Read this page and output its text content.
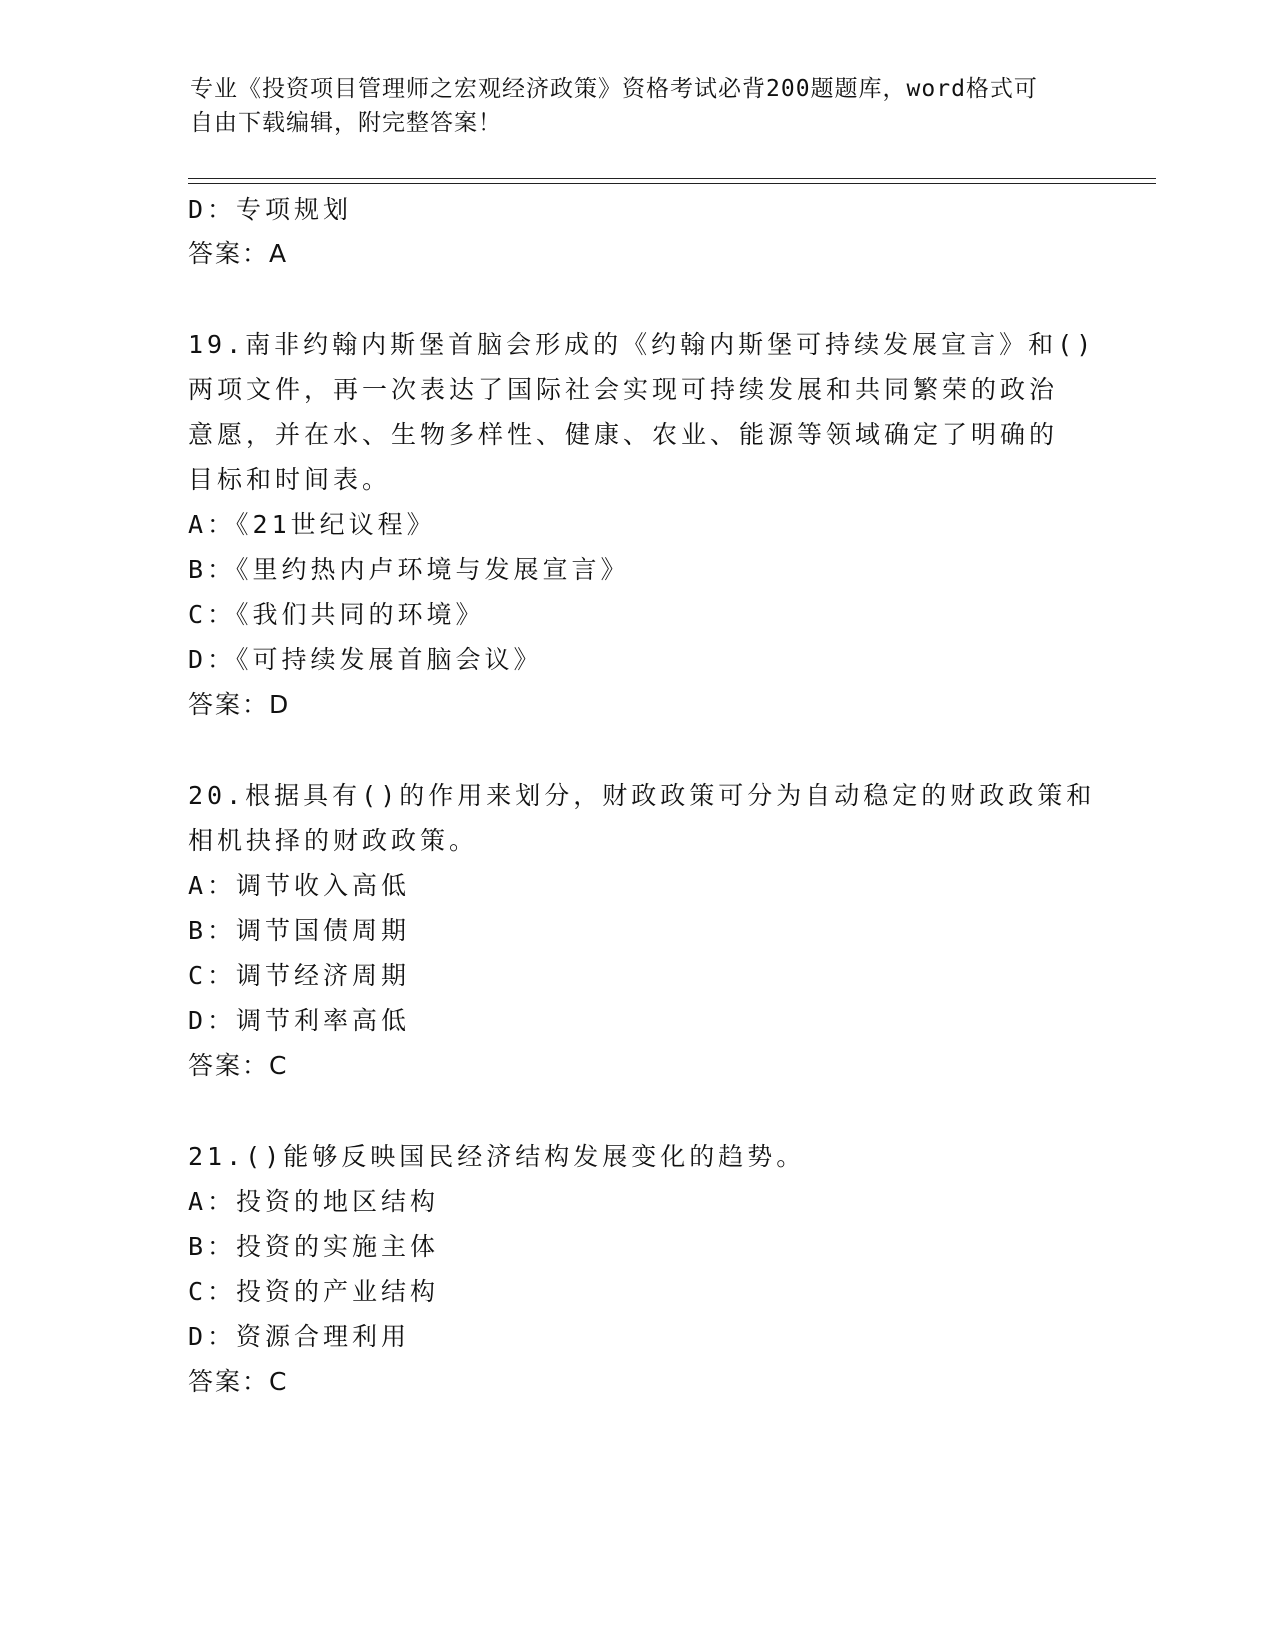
专业《投资项目管理师之宏观经济政策》资格考试必背200题题库，word格式可
自由下载编辑，附完整答案！
D：专项规划
答案：A
19.南非约翰内斯堡首脑会形成的《约翰内斯堡可持续发展宣言》和()
两项文件，再一次表达了国际社会实现可持续发展和共同繁荣的政治
意愿，并在水、生物多样性、健康、农业、能源等领域确定了明确的
目标和时间表。
A：《21世纪议程》
B：《里约热内卢环境与发展宣言》
C：《我们共同的环境》
D：《可持续发展首脑会议》
答案：D
20.根据具有()的作用来划分，财政政策可分为自动稳定的财政政策和
相机抉择的财政政策。
A：调节收入高低
B：调节国债周期
C：调节经济周期
D：调节利率高低
答案：C
21.()能够反映国民经济结构发展变化的趋势。
A：投资的地区结构
B：投资的实施主体
C：投资的产业结构
D：资源合理利用
答案：C
